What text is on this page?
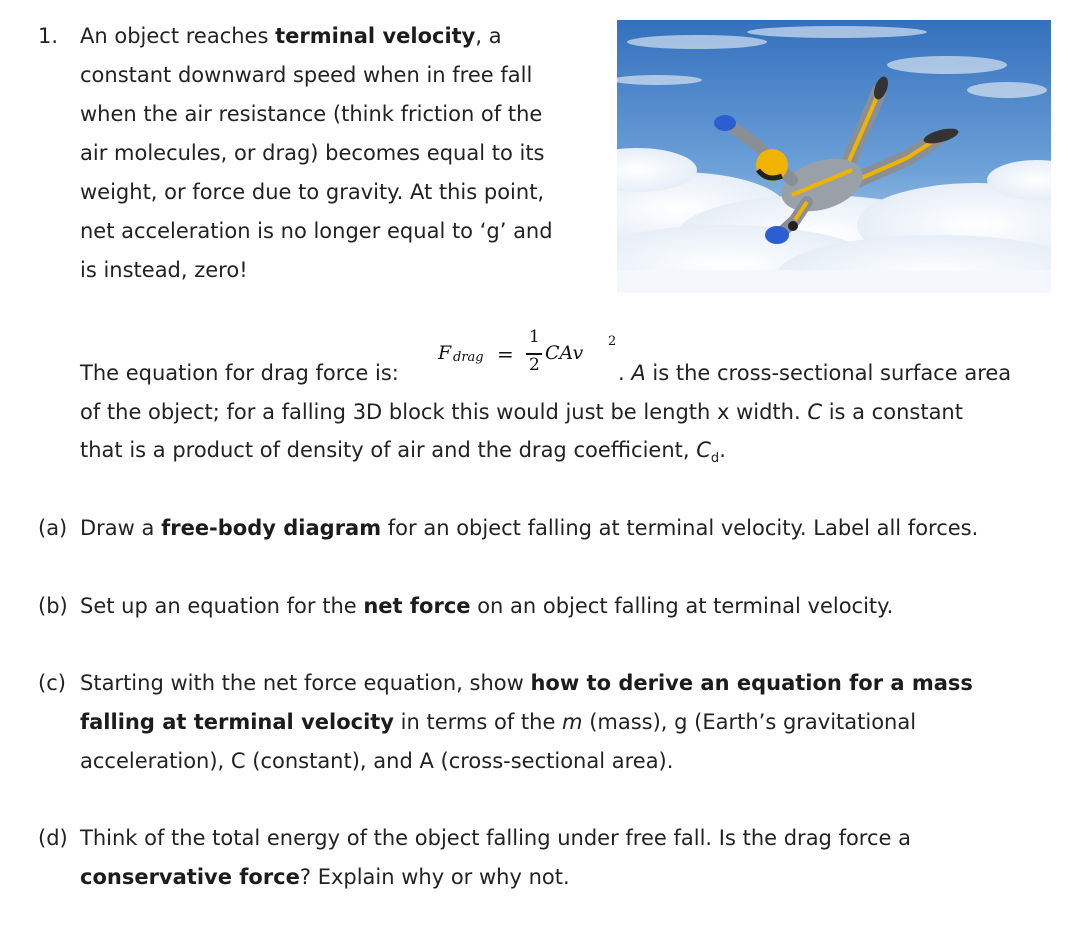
1. An object reaches terminal velocity, a
constant downward speed when in free fall
when the air resistance (think friction of the
air molecules, or drag) becomes equal to its
weight, or force due to gravity. At this point,
net acceleration is no longer equal to ‘g’ and
is instead, zero!
The equation for drag force is:
F drag =
1
2
CAv
2
. A is the cross-sectional surface area
of the object; for a falling 3D block this would just be length x width. C is a constant
that is a product of density of air and the drag coefficient, $C_d$.
(a) Draw a free-body diagram for an object falling at terminal velocity. Label all forces.
(b) Set up an equation for the net force on an object falling at terminal velocity.
(c) Starting with the net force equation, show how to derive an equation for a mass
falling at terminal velocity in terms of the m (mass), g (Earth’s gravitational
acceleration), C (constant), and A (cross-sectional area).
(d) Think of the total energy of the object falling under free fall. Is the drag force a
conservative force? Explain why or why not.
